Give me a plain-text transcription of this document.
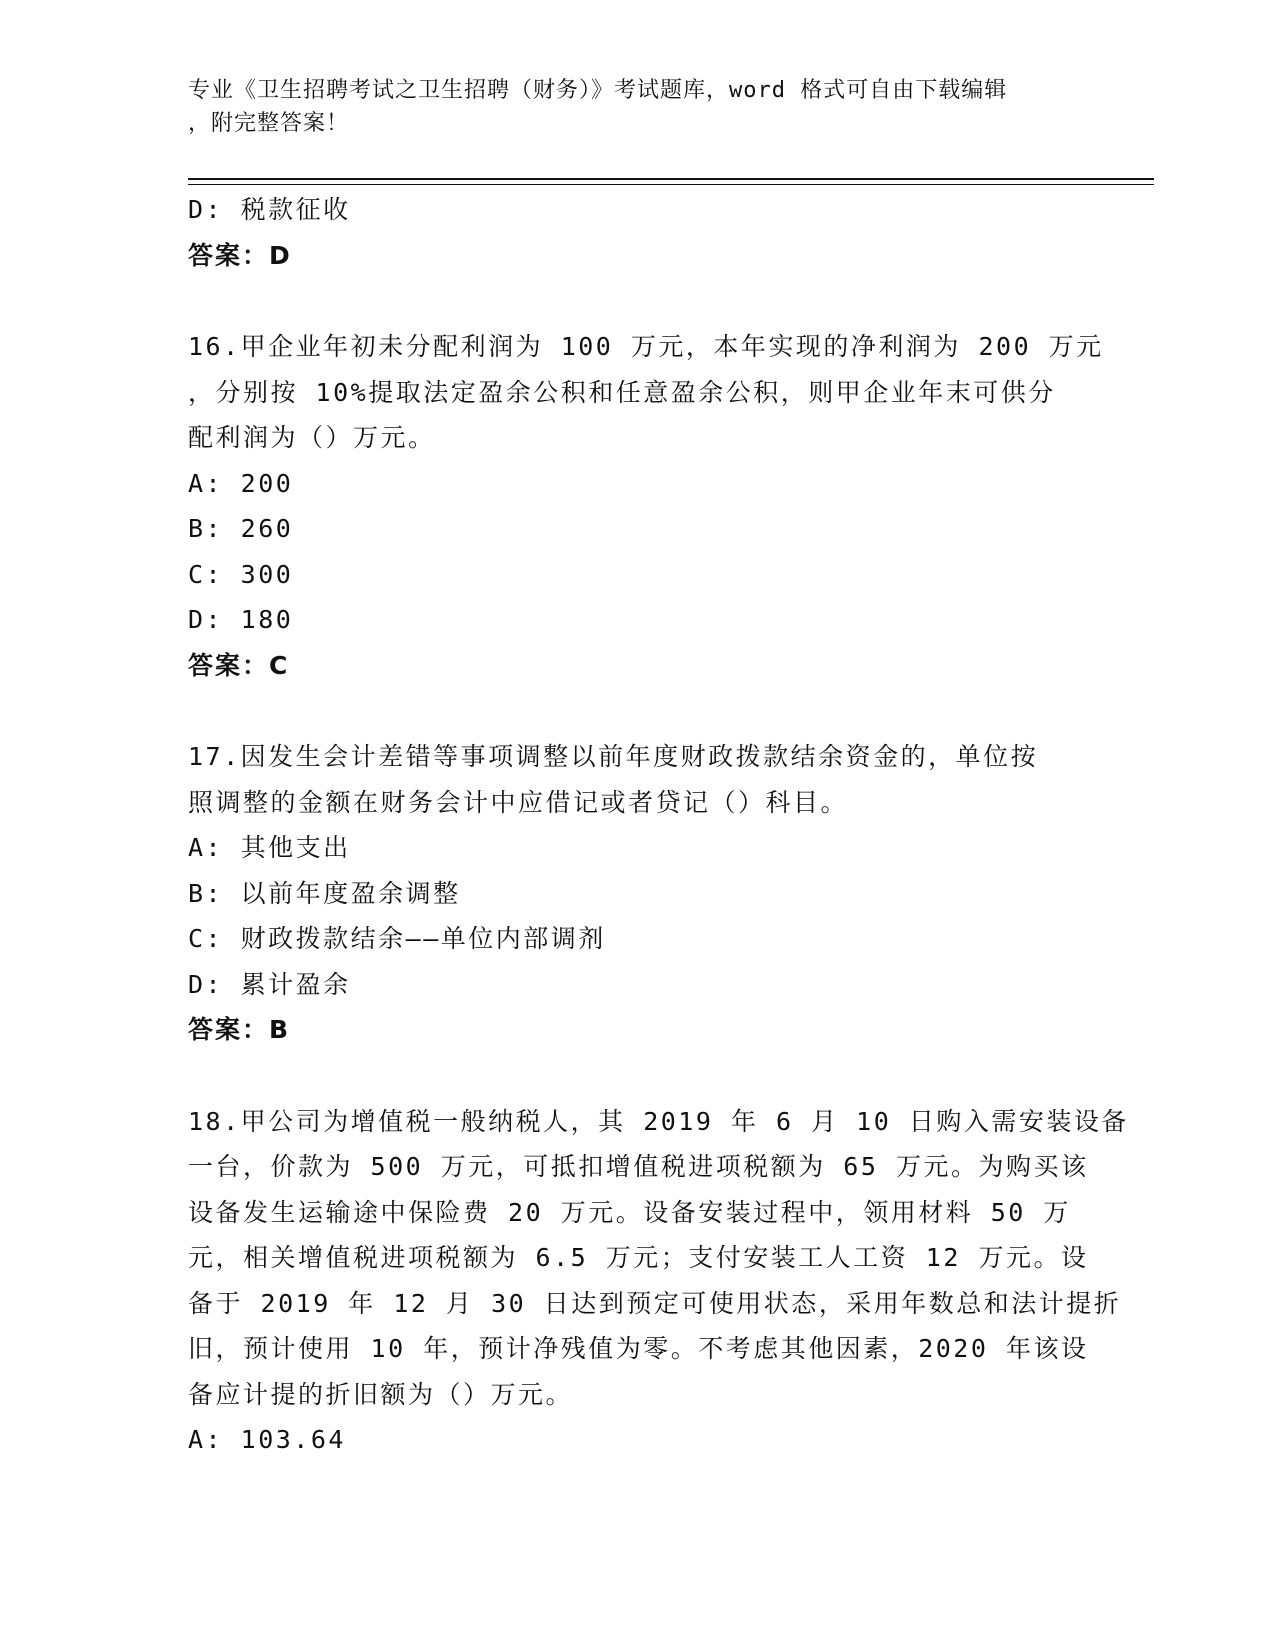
专业《卫生招聘考试之卫生招聘（财务）》考试题库，word 格式可自由下载编辑
，附完整答案！
D: 税款征收
答案：D
16.甲企业年初未分配利润为 100 万元，本年实现的净利润为 200 万元
，分别按 10%提取法定盈余公积和任意盈余公积，则甲企业年末可供分
配利润为（）万元。
A: 200
B: 260
C: 300
D: 180
答案：C
17.因发生会计差错等事项调整以前年度财政拨款结余资金的，单位按
照调整的金额在财务会计中应借记或者贷记（）科目。
A: 其他支出
B: 以前年度盈余调整
C: 财政拨款结余——单位内部调剂
D: 累计盈余
答案：B
18.甲公司为增值税一般纳税人，其 2019 年 6 月 10 日购入需安装设备
一台，价款为 500 万元，可抵扣增值税进项税额为 65 万元。为购买该
设备发生运输途中保险费 20 万元。设备安装过程中，领用材料 50 万
元，相关增值税进项税额为 6.5 万元；支付安装工人工资 12 万元。设
备于 2019 年 12 月 30 日达到预定可使用状态，采用年数总和法计提折
旧，预计使用 10 年，预计净残值为零。不考虑其他因素，2020 年该设
备应计提的折旧额为（）万元。
A: 103.64
